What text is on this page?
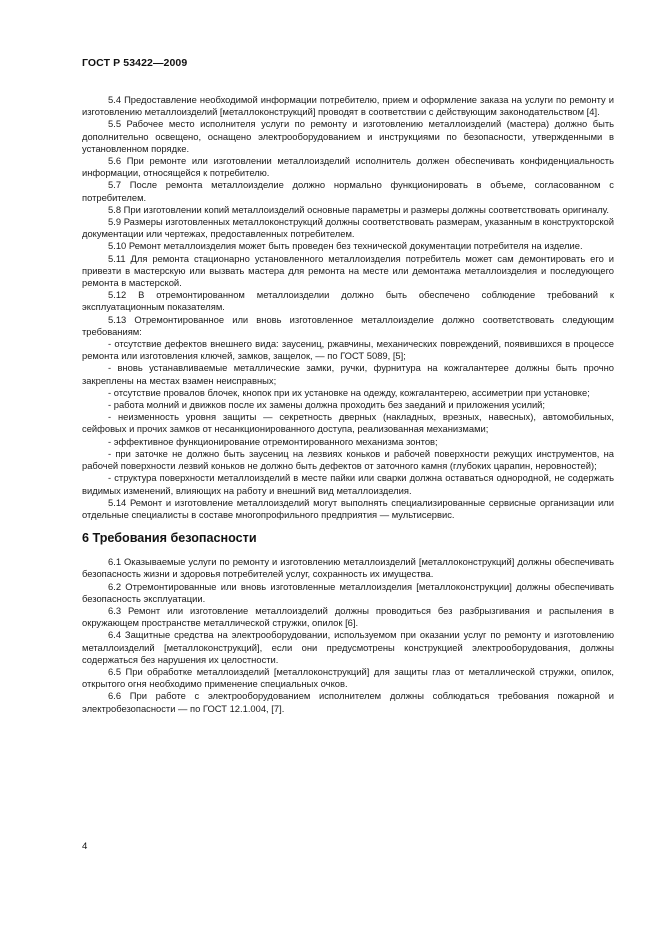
ГОСТ Р 53422—2009

5.4 Предоставление необходимой информации потребителю, прием и оформление заказа на услуги по ремонту и изготовлению металлоизделий [металлоконструкций] проводят в соответствии с действующим законодательством [4].

5.5 Рабочее место исполнителя услуги по ремонту и изготовлению металлоизделий (мастера) должно быть дополнительно освещено, оснащено электрооборудованием и инструкциями по безопасности, утвержденными в установленном порядке.

5.6 При ремонте или изготовлении металлоизделий исполнитель должен обеспечивать конфиденциальность информации, относящейся к потребителю.

5.7 После ремонта металлоизделие должно нормально функционировать в объеме, согласованном с потребителем.

5.8 При изготовлении копий металлоизделий основные параметры и размеры должны соответствовать оригиналу.

5.9 Размеры изготовленных металлоконструкций должны соответствовать размерам, указанным в конструкторской документации или чертежах, предоставленных потребителем.

5.10 Ремонт металлоизделия может быть проведен без технической документации потребителя на изделие.

5.11 Для ремонта стационарно установленного металлоизделия потребитель может сам демонтировать его и привезти в мастерскую или вызвать мастера для ремонта на месте или демонтажа металлоизделия и последующего ремонта в мастерской.

5.12 В отремонтированном металлоизделии должно быть обеспечено соблюдение требований к эксплуатационным показателям.

5.13 Отремонтированное или вновь изготовленное металлоизделие должно соответствовать следующим требованиям:

- отсутствие дефектов внешнего вида: заусениц, ржавчины, механических повреждений, появившихся в процессе ремонта или изготовления ключей, замков, защелок, — по ГОСТ 5089, [5];

- вновь устанавливаемые металлические замки, ручки, фурнитура на кожгалантерее должны быть прочно закреплены на местах взамен неисправных;

- отсутствие провалов блочек, кнопок при их установке на одежду, кожгалантерею, ассиметрии при установке;

- работа молний и движков после их замены должна проходить без заеданий и приложения усилий;

- неизменность уровня защиты — секретность дверных (накладных, врезных, навесных), автомобильных, сейфовых и прочих замков от несанкционированного доступа, реализованная механизмами;

- эффективное функционирование отремонтированного механизма зонтов;

- при заточке не должно быть заусениц на лезвиях коньков и рабочей поверхности режущих инструментов, на рабочей поверхности лезвий коньков не должно быть дефектов от заточного камня (глубоких царапин, неровностей);

- структура поверхности металлоизделий в месте пайки или сварки должна оставаться однородной, не содержать видимых изменений, влияющих на работу и внешний вид металлоизделия.

5.14 Ремонт и изготовление металлоизделий могут выполнять специализированные сервисные организации или отдельные специалисты в составе многопрофильного предприятия — мультисервис.

6 Требования безопасности

6.1 Оказываемые услуги по ремонту и изготовлению металлоизделий [металлоконструкций] должны обеспечивать безопасность жизни и здоровья потребителей услуг, сохранность их имущества.

6.2 Отремонтированные или вновь изготовленные металлоизделия [металлоконструкции] должны обеспечивать безопасность эксплуатации.

6.3 Ремонт или изготовление металлоизделий должны проводиться без разбрызгивания и распыления в окружающем пространстве металлической стружки, опилок [6].

6.4 Защитные средства на электрооборудовании, используемом при оказании услуг по ремонту и изготовлению металлоизделий [металлоконструкций], если они предусмотрены конструкцией электрооборудования, должны содержаться без нарушения их целостности.

6.5 При обработке металлоизделий [металлоконструкций] для защиты глаз от металлической стружки, опилок, открытого огня необходимо применение специальных очков.

6.6 При работе с электрооборудованием исполнителем должны соблюдаться требования пожарной и электробезопасности — по ГОСТ 12.1.004, [7].

4
